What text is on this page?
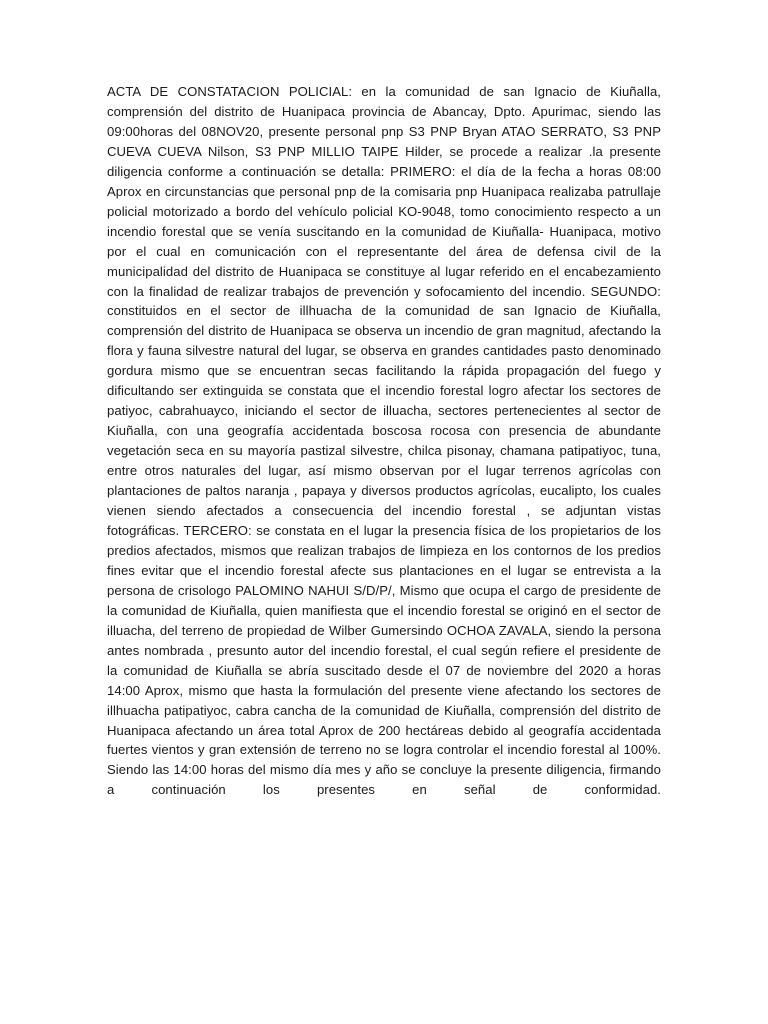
ACTA DE CONSTATACION POLICIAL: en la comunidad de san Ignacio de Kiuñalla, comprensión del distrito de Huanipaca provincia de Abancay, Dpto. Apurimac, siendo las 09:00horas del 08NOV20, presente personal pnp S3 PNP Bryan ATAO SERRATO, S3 PNP CUEVA CUEVA Nilson, S3 PNP MILLIO TAIPE Hilder, se procede a realizar .la presente diligencia conforme a continuación se detalla: PRIMERO: el día de la fecha a horas 08:00 Aprox en circunstancias que personal pnp de la comisaria pnp Huanipaca realizaba patrullaje policial motorizado a bordo del vehículo policial KO-9048, tomo conocimiento respecto a un incendio forestal que se venía suscitando en la comunidad de Kiuñalla- Huanipaca, motivo por el cual en comunicación con el representante del área de defensa civil de la municipalidad del distrito de Huanipaca se constituye al lugar referido en el encabezamiento con la finalidad de realizar trabajos de prevención y sofocamiento del incendio. SEGUNDO: constituidos en el sector de illhuacha de la comunidad de san Ignacio de Kiuñalla, comprensión del distrito de Huanipaca se observa un incendio de gran magnitud, afectando la flora y fauna silvestre natural del lugar, se observa en grandes cantidades pasto denominado gordura mismo que se encuentran secas facilitando la rápida propagación del fuego y dificultando ser extinguida se constata que el incendio forestal logro afectar los sectores de patiyoc, cabrahuayco, iniciando el sector de illuacha, sectores pertenecientes al sector de Kiuñalla, con una geografía accidentada boscosa rocosa con presencia de abundante vegetación seca en su mayoría pastizal silvestre, chilca pisonay, chamana patipatiyoc, tuna, entre otros naturales del lugar, así mismo observan por el lugar terrenos agrícolas con plantaciones de paltos naranja , papaya y diversos productos agrícolas, eucalipto, los cuales vienen siendo afectados a consecuencia del incendio forestal , se adjuntan vistas fotográficas. TERCERO: se constata en el lugar la presencia física de los propietarios de los predios afectados, mismos que realizan trabajos de limpieza en los contornos de los predios fines evitar que el incendio forestal afecte sus plantaciones en el lugar se entrevista a la persona de crisologo PALOMINO NAHUI S/D/P/, Mismo que ocupa el cargo de presidente de la comunidad de Kiuñalla, quien manifiesta que el incendio forestal se originó en el sector de illuacha, del terreno de propiedad de Wilber Gumersindo OCHOA ZAVALA, siendo la persona antes nombrada , presunto autor del incendio forestal, el cual según refiere el presidente de la comunidad de Kiuñalla se abría suscitado desde el 07 de noviembre del 2020 a horas 14:00 Aprox, mismo que hasta la formulación del presente viene afectando los sectores de illhuacha patipatiyoc, cabra cancha de la comunidad de Kiuñalla, comprensión del distrito de Huanipaca afectando un área total Aprox de 200 hectáreas debido al geografía accidentada fuertes vientos y gran extensión de terreno no se logra controlar el incendio forestal al 100%. Siendo las 14:00 horas del mismo día mes y año se concluye la presente diligencia, firmando a continuación los presentes en señal de conformidad.
